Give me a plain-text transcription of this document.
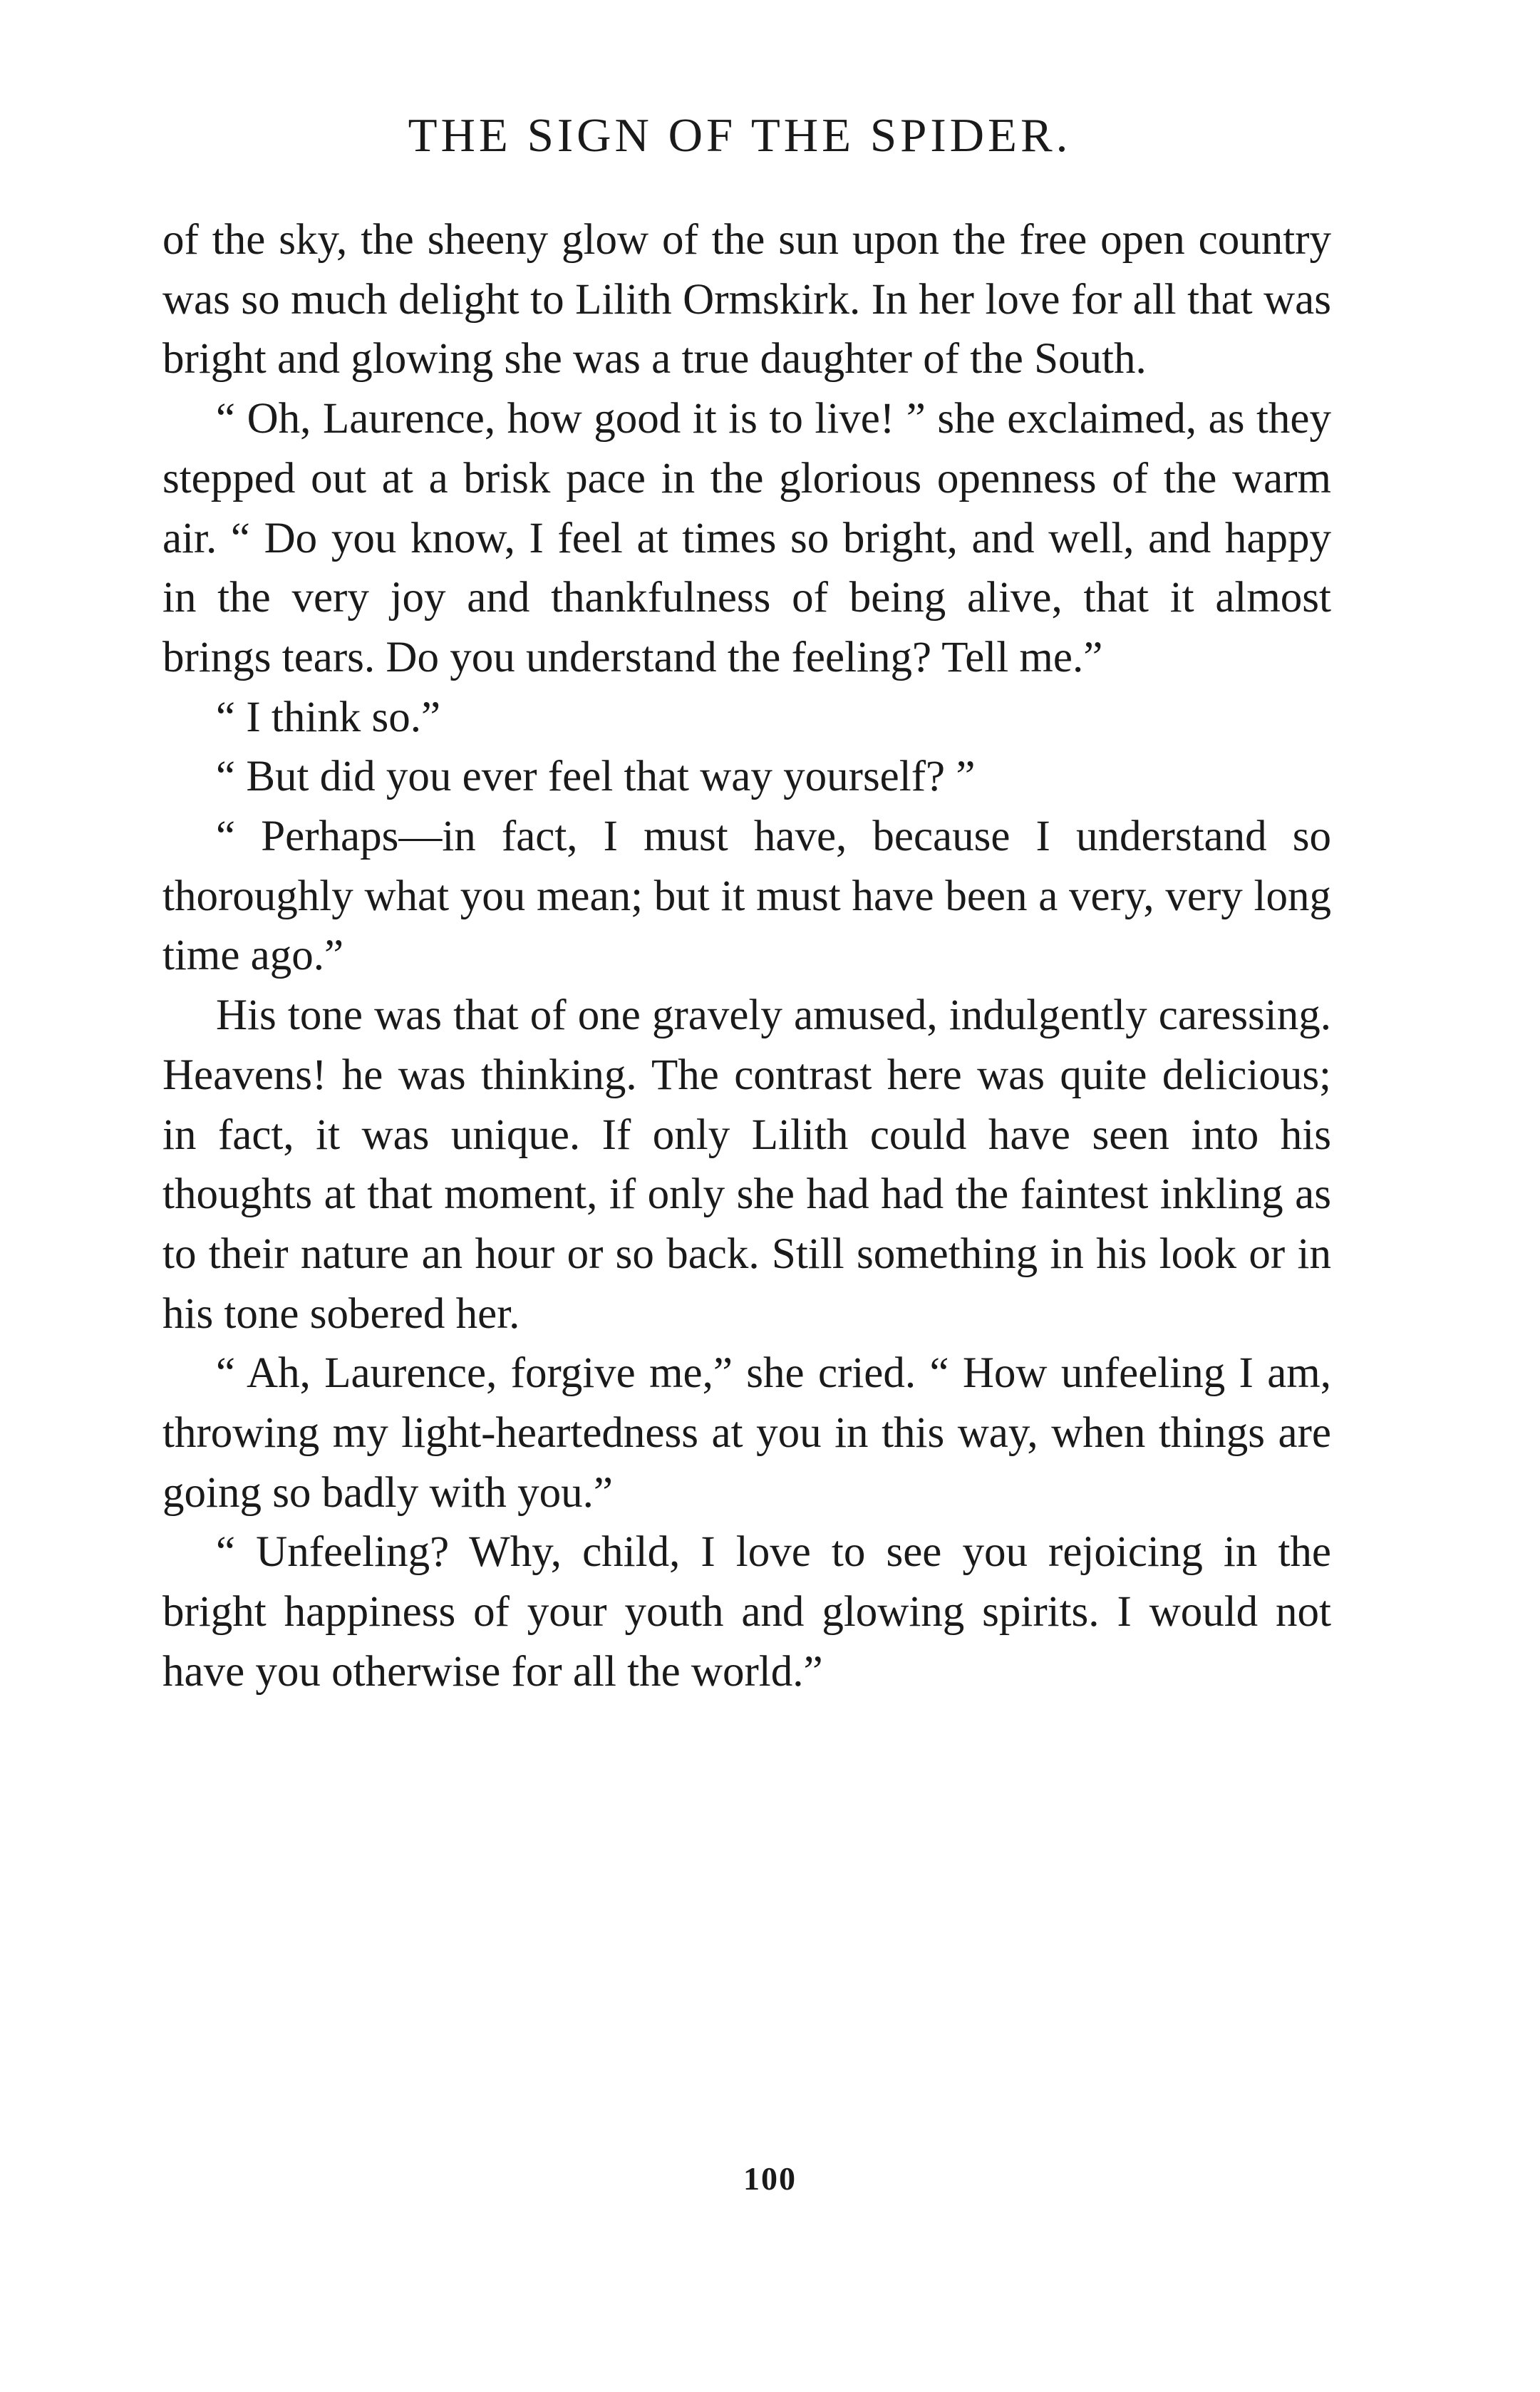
THE SIGN OF THE SPIDER.

of the sky, the sheeny glow of the sun upon the free open country was so much delight to Lilith Ormskirk. In her love for all that was bright and glowing she was a true daughter of the South.

“ Oh, Laurence, how good it is to live! ” she exclaimed, as they stepped out at a brisk pace in the glorious openness of the warm air. “ Do you know, I feel at times so bright, and well, and happy in the very joy and thankfulness of being alive, that it almost brings tears. Do you understand the feeling? Tell me.”

“ I think so.”

“ But did you ever feel that way yourself? ”

“ Perhaps—in fact, I must have, because I understand so thoroughly what you mean; but it must have been a very, very long time ago.”

His tone was that of one gravely amused, indulgently caressing. Heavens! he was thinking. The contrast here was quite delicious; in fact, it was unique. If only Lilith could have seen into his thoughts at that moment, if only she had had the faintest inkling as to their nature an hour or so back. Still something in his look or in his tone sobered her.

“ Ah, Laurence, forgive me,” she cried. “ How unfeeling I am, throwing my light-heartedness at you in this way, when things are going so badly with you.”

“ Unfeeling? Why, child, I love to see you rejoicing in the bright happiness of your youth and glowing spirits. I would not have you otherwise for all the world.”

100
